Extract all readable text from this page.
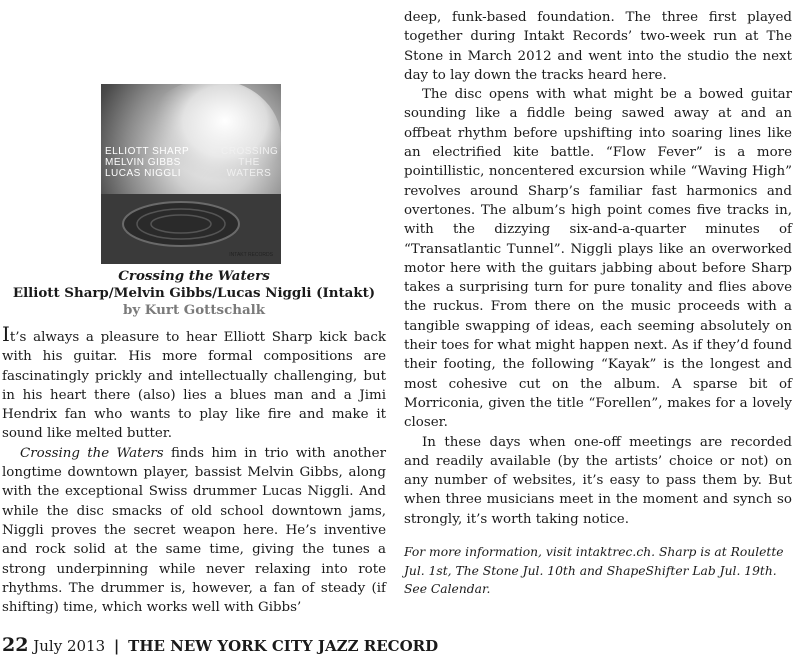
ELLIOTT SHARP
MELVIN GIBBS
LUCAS NIGGLI
CROSSING
THE
WATERS
INTAKT RECORDS
Crossing the Waters
Elliott Sharp/Melvin Gibbs/Lucas Niggli (Intakt)
by Kurt Gottschalk

It’s always a pleasure to hear Elliott Sharp kick back with his guitar. His more formal compositions are fascinatingly prickly and intellectually challenging, but in his heart there (also) lies a blues man and a Jimi Hendrix fan who wants to play like fire and make it sound like melted butter.

Crossing the Waters finds him in trio with another longtime downtown player, bassist Melvin Gibbs, along with the exceptional Swiss drummer Lucas Niggli. And while the disc smacks of old school downtown jams, Niggli proves the secret weapon here. He’s inventive and rock solid at the same time, giving the tunes a strong underpinning while never relaxing into rote rhythms. The drummer is, however, a fan of steady (if shifting) time, which works well with Gibbs’

deep, funk-based foundation. The three first played together during Intakt Records’ two-week run at The Stone in March 2012 and went into the studio the next day to lay down the tracks heard here.

The disc opens with what might be a bowed guitar sounding like a fiddle being sawed away at and an offbeat rhythm before upshifting into soaring lines like an electrified kite battle. “Flow Fever” is a more pointillistic, noncentered excursion while “Waving High” revolves around Sharp’s familiar fast harmonics and overtones. The album’s high point comes five tracks in, with the dizzying six-and-a-quarter minutes of “Transatlantic Tunnel”. Niggli plays like an overworked motor here with the guitars jabbing about before Sharp takes a surprising turn for pure tonality and flies above the ruckus. From there on the music proceeds with a tangible swapping of ideas, each seeming absolutely on their toes for what might happen next. As if they’d found their footing, the following “Kayak” is the longest and most cohesive cut on the album. A sparse bit of Morriconia, given the title “Forellen”, makes for a lovely closer.

In these days when one-off meetings are recorded and readily available (by the artists’ choice or not) on any number of websites, it’s easy to pass them by. But when three musicians meet in the moment and synch so strongly, it’s worth taking notice.

For more information, visit intaktrec.ch. Sharp is at Roulette Jul. 1st, The Stone Jul. 10th and ShapeShifter Lab Jul. 19th. See Calendar.

22 July 2013 | THE NEW YORK CITY JAZZ RECORD
